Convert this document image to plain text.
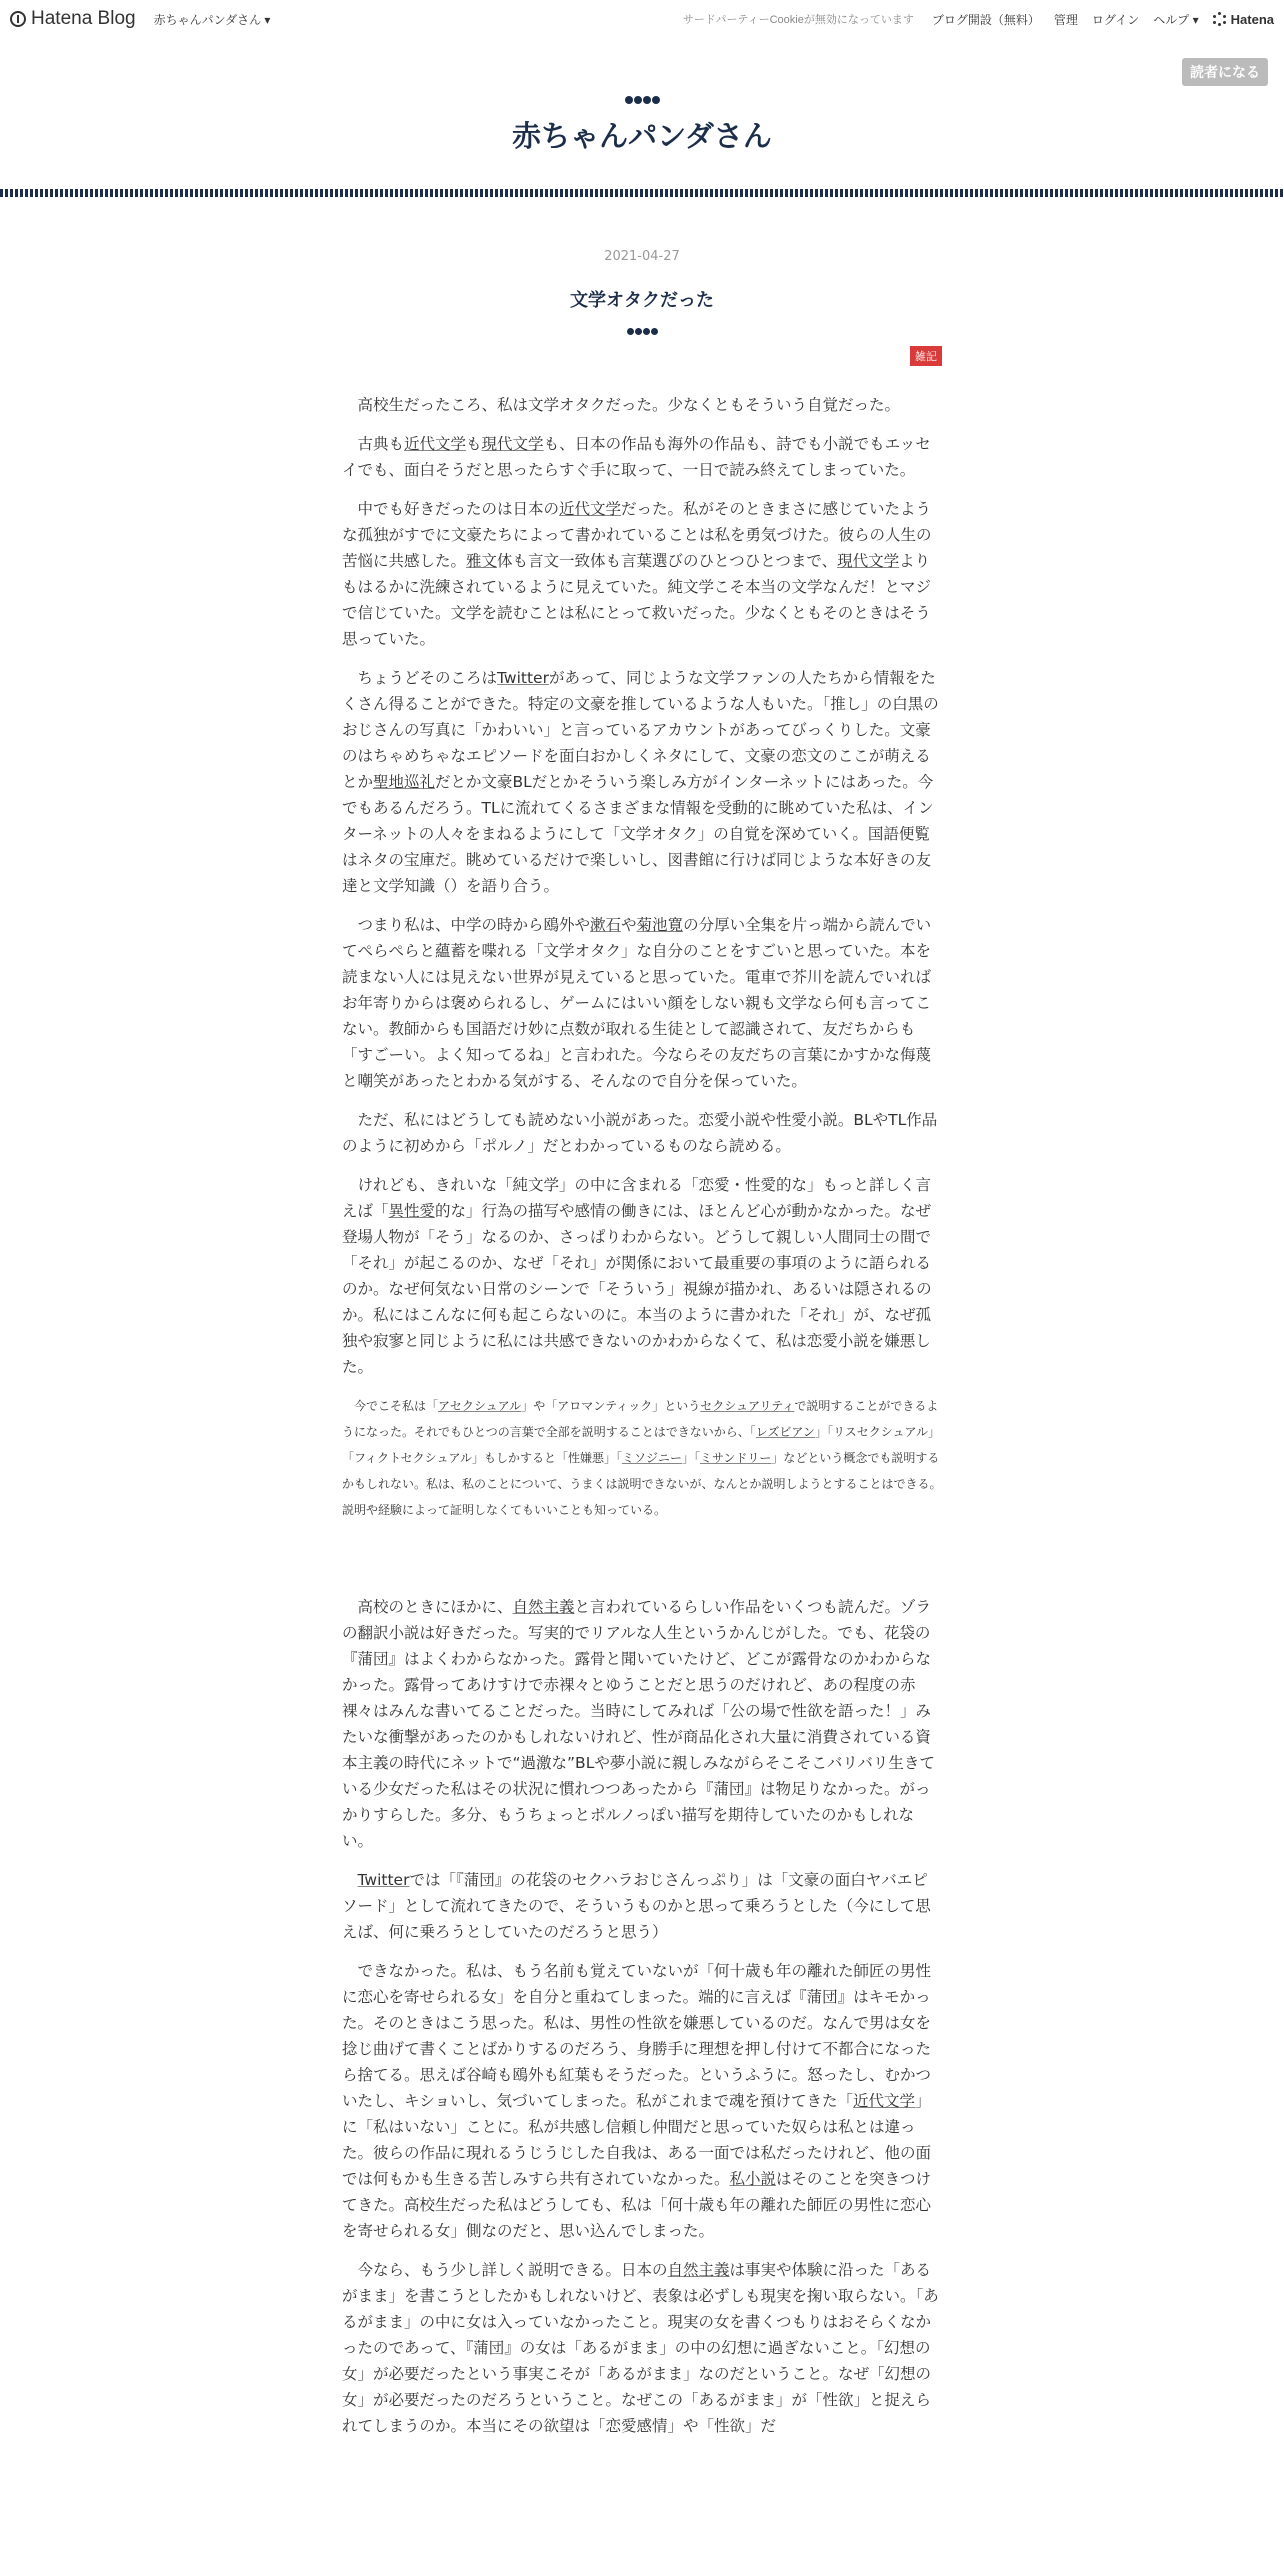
Hatena Blog 赤ちゃんパンダさん ▾	サードパーティーCookieが無効になっています ブログ開設（無料） 管理 ログイン ヘルプ ▾ Hatena
読者になる
赤ちゃんパンダさん
2021-04-27
文学オタクだった
雑記

高校生だったころ、私は文学オタクだった。少なくともそういう自覚だった。

古典も近代文学も現代文学も、日本の作品も海外の作品も、詩でも小説でもエッセイでも、面白そうだと思ったらすぐ手に取って、一日で読み終えてしまっていた。

中でも好きだったのは日本の近代文学だった。私がそのときまさに感じていたような孤独がすでに文豪たちによって書かれていることは私を勇気づけた。彼らの人生の苦悩に共感した。雅文体も言文一致体も言葉選びのひとつひとつまで、現代文学よりもはるかに洗練されているように見えていた。純文学こそ本当の文学なんだ！とマジで信じていた。文学を読むことは私にとって救いだった。少なくともそのときはそう思っていた。

ちょうどそのころはTwitterがあって、同じような文学ファンの人たちから情報をたくさん得ることができた。特定の文豪を推しているような人もいた。「推し」の白黒のおじさんの写真に「かわいい」と言っているアカウントがあってびっくりした。文豪のはちゃめちゃなエピソードを面白おかしくネタにして、文豪の恋文のここが萌えるとか聖地巡礼だとか文豪BLだとかそういう楽しみ方がインターネットにはあった。今でもあるんだろう。TLに流れてくるさまざまな情報を受動的に眺めていた私は、インターネットの人々をまねるようにして「文学オタク」の自覚を深めていく。国語便覧はネタの宝庫だ。眺めているだけで楽しいし、図書館に行けば同じような本好きの友達と文学知識（）を語り合う。

つまり私は、中学の時から鴎外や漱石や菊池寛の分厚い全集を片っ端から読んでいてぺらぺらと蘊蓄を喋れる「文学オタク」な自分のことをすごいと思っていた。本を読まない人には見えない世界が見えていると思っていた。電車で芥川を読んでいればお年寄りからは褒められるし、ゲームにはいい顔をしない親も文学なら何も言ってこない。教師からも国語だけ妙に点数が取れる生徒として認識されて、友だちからも「すごーい。よく知ってるね」と言われた。今ならその友だちの言葉にかすかな侮蔑と嘲笑があったとわかる気がする、そんなので自分を保っていた。

ただ、私にはどうしても読めない小説があった。恋愛小説や性愛小説。BLやTL作品のように初めから「ポルノ」だとわかっているものなら読める。

けれども、きれいな「純文学」の中に含まれる「恋愛・性愛的な」もっと詳しく言えば「異性愛的な」行為の描写や感情の働きには、ほとんど心が動かなかった。なぜ登場人物が「そう」なるのか、さっぱりわからない。どうして親しい人間同士の間で「それ」が起こるのか、なぜ「それ」が関係において最重要の事項のように語られるのか。なぜ何気ない日常のシーンで「そういう」視線が描かれ、あるいは隠されるのか。私にはこんなに何も起こらないのに。本当のように書かれた「それ」が、なぜ孤独や寂寥と同じように私には共感できないのかわからなくて、私は恋愛小説を嫌悪した。

今でこそ私は「アセクシュアル」や「アロマンティック」というセクシュアリティで説明することができるようになった。それでもひとつの言葉で全部を説明することはできないから、「レズビアン」「リスセクシュアル」「フィクトセクシュアル」もしかすると「性嫌悪」「ミソジニー」「ミサンドリー」などという概念でも説明するかもしれない。私は、私のことについて、うまくは説明できないが、なんとか説明しようとすることはできる。説明や経験によって証明しなくてもいいことも知っている。

高校のときにほかに、自然主義と言われているらしい作品をいくつも読んだ。ゾラの翻訳小説は好きだった。写実的でリアルな人生というかんじがした。でも、花袋の『蒲団』はよくわからなかった。露骨と聞いていたけど、どこが露骨なのかわからなかった。露骨ってあけすけで赤裸々とゆうことだと思うのだけれど、あの程度の赤裸々はみんな書いてることだった。当時にしてみれば「公の場で性欲を語った！」みたいな衝撃があったのかもしれないけれど、性が商品化され大量に消費されている資本主義の時代にネットで“過激な”BLや夢小説に親しみながらそこそこバリバリ生きている少女だった私はその状況に慣れつつあったから『蒲団』は物足りなかった。がっかりすらした。多分、もうちょっとポルノっぽい描写を期待していたのかもしれない。

Twitterでは「『蒲団』の花袋のセクハラおじさんっぷり」は「文豪の面白ヤバエピソード」として流れてきたので、そういうものかと思って乗ろうとした（今にして思えば、何に乗ろうとしていたのだろうと思う）

できなかった。私は、もう名前も覚えていないが「何十歳も年の離れた師匠の男性に恋心を寄せられる女」を自分と重ねてしまった。端的に言えば『蒲団』はキモかった。そのときはこう思った。私は、男性の性欲を嫌悪しているのだ。なんで男は女を捻じ曲げて書くことばかりするのだろう、身勝手に理想を押し付けて不都合になったら捨てる。思えば谷崎も鴎外も紅葉もそうだった。というふうに。怒ったし、むかついたし、キショいし、気づいてしまった。私がこれまで魂を預けてきた「近代文学」に「私はいない」ことに。私が共感し信頼し仲間だと思っていた奴らは私とは違った。彼らの作品に現れるうじうじした自我は、ある一面では私だったけれど、他の面では何もかも生きる苦しみすら共有されていなかった。私小説はそのことを突きつけてきた。高校生だった私はどうしても、私は「何十歳も年の離れた師匠の男性に恋心を寄せられる女」側なのだと、思い込んでしまった。

今なら、もう少し詳しく説明できる。日本の自然主義は事実や体験に沿った「あるがまま」を書こうとしたかもしれないけど、表象は必ずしも現実を掬い取らない。「あるがまま」の中に女は入っていなかったこと。現実の女を書くつもりはおそらくなかったのであって、『蒲団』の女は「あるがまま」の中の幻想に過ぎないこと。「幻想の女」が必要だったという事実こそが「あるがまま」なのだということ。なぜ「幻想の女」が必要だったのだろうということ。なぜこの「あるがまま」が「性欲」と捉えられてしまうのか。本当にその欲望は「恋愛感情」や「性欲」だ
